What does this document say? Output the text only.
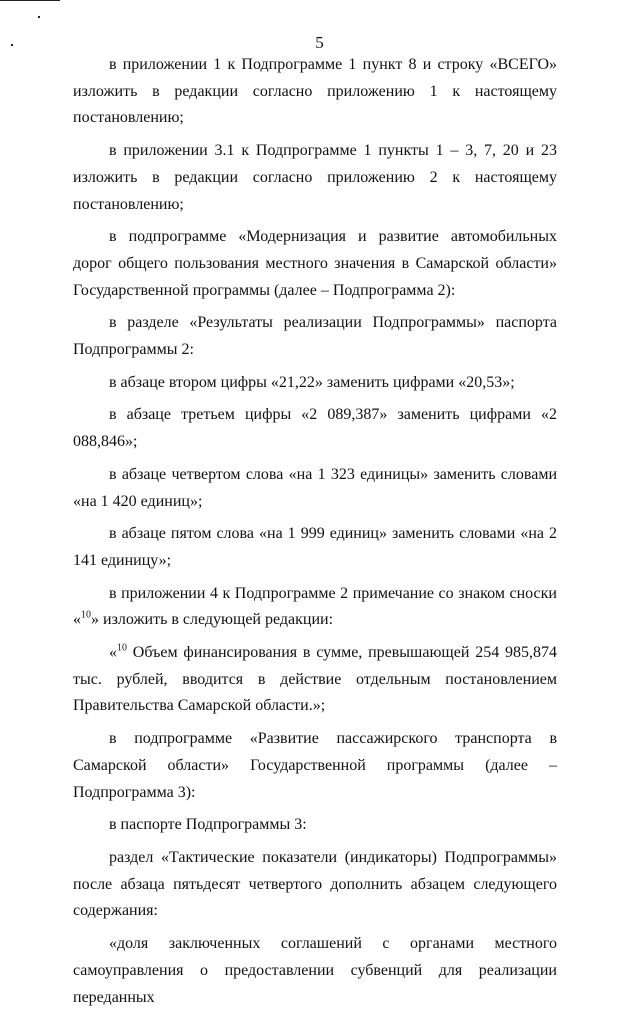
5

в приложении 1 к Подпрограмме 1 пункт 8 и строку «ВСЕГО» изложить в редакции согласно приложению 1 к настоящему постановлению;

в приложении 3.1 к Подпрограмме 1 пункты 1 – 3, 7, 20 и 23 изложить в редакции согласно приложению 2 к настоящему постановлению;

в подпрограмме «Модернизация и развитие автомобильных дорог общего пользования местного значения в Самарской области» Государственной программы (далее – Подпрограмма 2):

в разделе «Результаты реализации Подпрограммы» паспорта Подпрограммы 2:

в абзаце втором цифры «21,22» заменить цифрами «20,53»;

в абзаце третьем цифры «2 089,387» заменить цифрами «2 088,846»;

в абзаце четвертом слова «на 1 323 единицы» заменить словами «на 1 420 единиц»;

в абзаце пятом слова «на 1 999 единиц» заменить словами «на 2 141 единицу»;

в приложении 4 к Подпрограмме 2 примечание со знаком сноски «$^{10}$» изложить в следующей редакции:

«$^{10}$ Объем финансирования в сумме, превышающей 254 985,874 тыс. рублей, вводится в действие отдельным постановлением Правительства Самарской области.»;

в подпрограмме «Развитие пассажирского транспорта в Самарской области» Государственной программы (далее – Подпрограмма 3):

в паспорте Подпрограммы 3:

раздел «Тактические показатели (индикаторы) Подпрограммы» после абзаца пятьдесят четвертого дополнить абзацем следующего содержания:

«доля заключенных соглашений с органами местного самоуправления о предоставлении субвенций для реализации переданных
